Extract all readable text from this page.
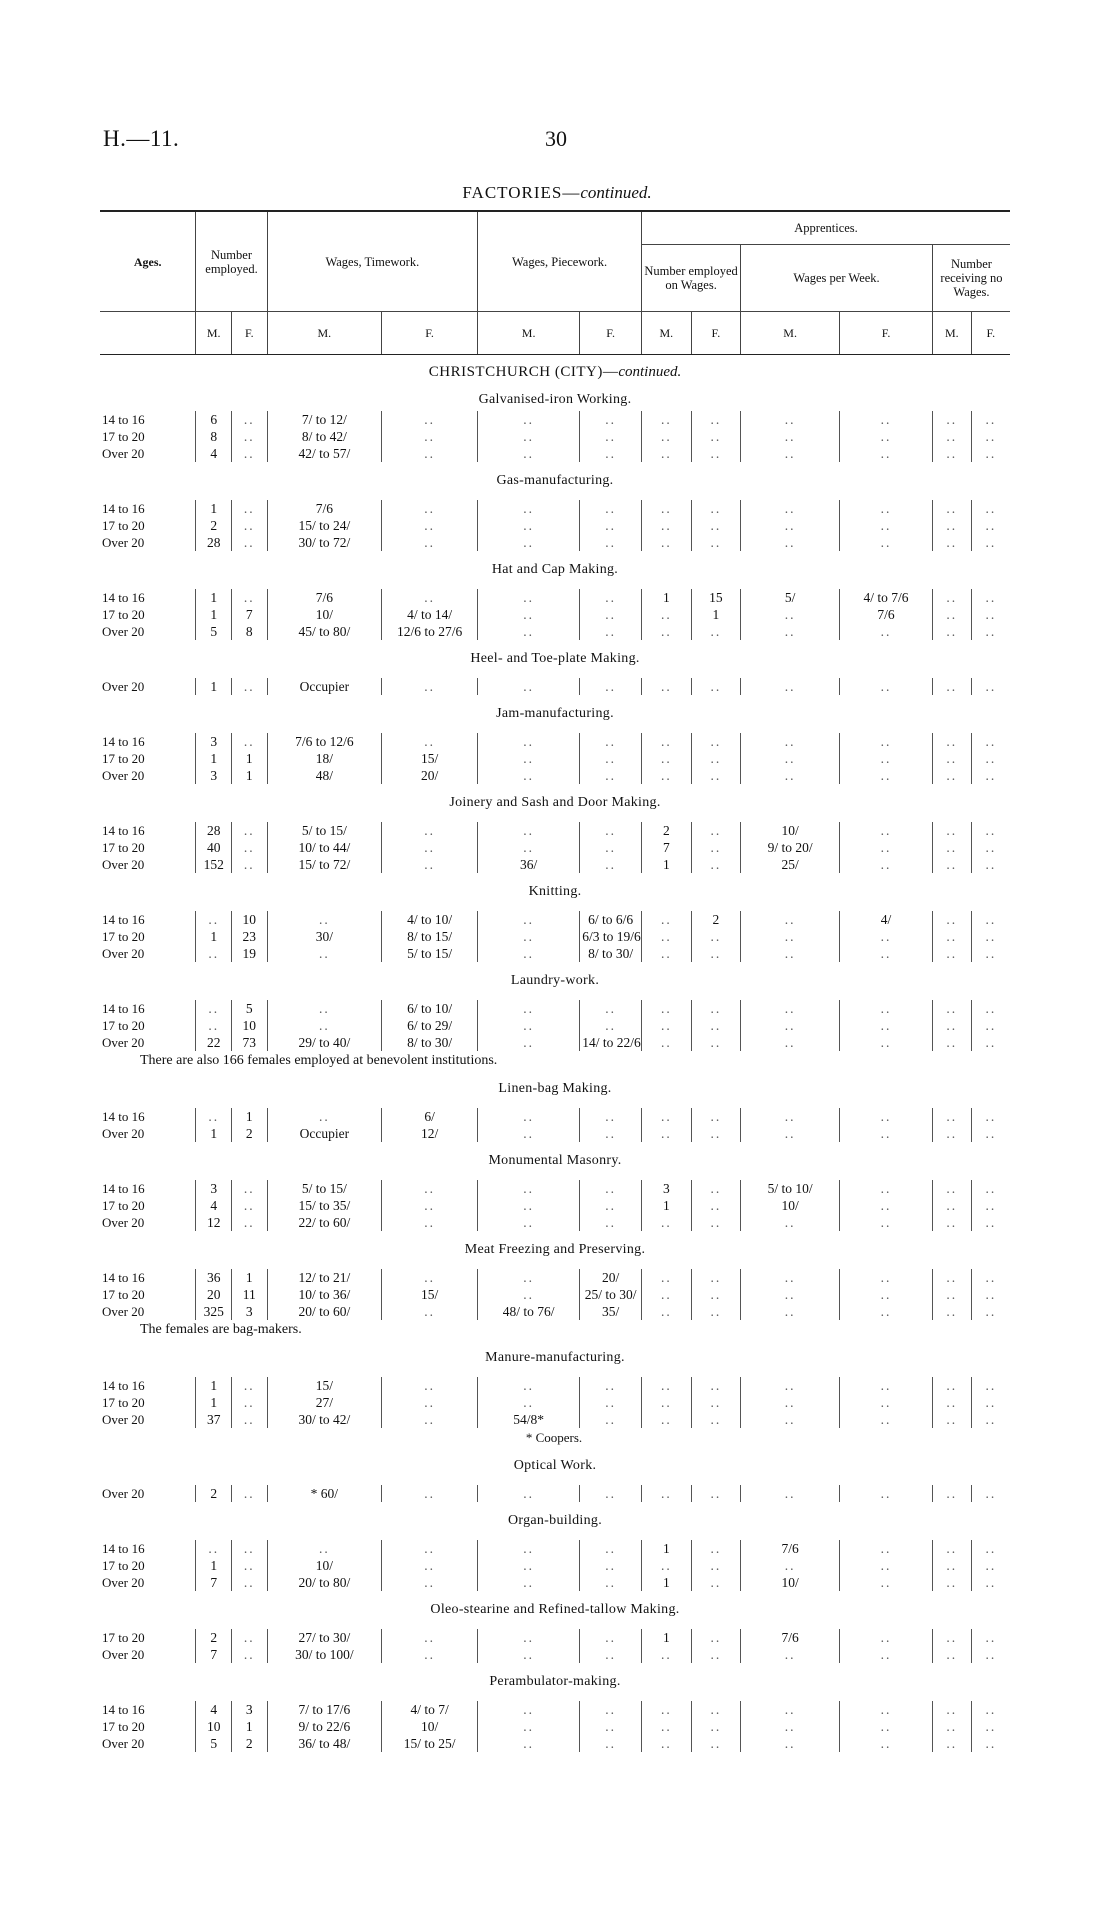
H.—11.	30
FACTORIES—continued.
Ages.	Number employed.		Wages, Timework.		Wages, Piecework.		Apprentices.					
							Number employed on Wages.		Wages per Week.		Number receiving no Wages.	
	M.	F.	M.	F.	M.	F.	M.	F.	M.	F.	M.	F.
CHRISTCHURCH (CITY)—continued.												
Galvanised-iron Working.												
14 to 16	6	..	7/ to 12/	..	..	..	..	..	..	..	..	..
17 to 20	8	..	8/ to 42/	..	..	..	..	..	..	..	..	..
Over 20	4	..	42/ to 57/	..	..	..	..	..	..	..	..	..
Gas-manufacturing.												
14 to 16	1	..	7/6	..	..	..	..	..	..	..	..	..
17 to 20	2	..	15/ to 24/	..	..	..	..	..	..	..	..	..
Over 20	28	..	30/ to 72/	..	..	..	..	..	..	..	..	..
Hat and Cap Making.												
14 to 16	1	..	7/6	..	..	..	1	15	5/	4/ to 7/6	..	..
17 to 20	1	7	10/	4/ to 14/	..	..	..	1	..	7/6	..	..
Over 20	5	8	45/ to 80/	12/6 to 27/6	..	..	..	..	..	..	..	..
Heel- and Toe-plate Making.												
Over 20	1	..	Occupier	..	..	..	..	..	..	..	..	..
Jam-manufacturing.												
14 to 16	3	..	7/6 to 12/6	..	..	..	..	..	..	..	..	..
17 to 20	1	1	18/	15/	..	..	..	..	..	..	..	..
Over 20	3	1	48/	20/	..	..	..	..	..	..	..	..
Joinery and Sash and Door Making.												
14 to 16	28	..	5/ to 15/	..	..	..	2	..	10/	..	..	..
17 to 20	40	..	10/ to 44/	..	..	..	7	..	9/ to 20/	..	..	..
Over 20	152	..	15/ to 72/	..	36/	..	1	..	25/	..	..	..
Knitting.												
14 to 16	..	10	..	4/ to 10/	..	6/ to 6/6	..	2	..	4/	..	..
17 to 20	1	23	30/	8/ to 15/	..	6/3 to 19/6	..	..	..	..	..	..
Over 20	..	19	..	5/ to 15/	..	8/ to 30/	..	..	..	..	..	..
Laundry-work.												
14 to 16	..	5	..	6/ to 10/	..	..	..	..	..	..	..	..
17 to 20	..	10	..	6/ to 29/	..	..	..	..	..	..	..	..
Over 20	22	73	29/ to 40/	8/ to 30/	..	14/ to 22/6	..	..	..	..	..	..
There are also 166 females employed at benevolent institutions.												
Linen-bag Making.												
14 to 16	..	1	..	6/	..	..	..	..	..	..	..	..
Over 20	1	2	Occupier	12/	..	..	..	..	..	..	..	..
Monumental Masonry.												
14 to 16	3	..	5/ to 15/	..	..	..	3	..	5/ to 10/	..	..	..
17 to 20	4	..	15/ to 35/	..	..	..	1	..	10/	..	..	..
Over 20	12	..	22/ to 60/	..	..	..	..	..	..	..	..	..
Meat Freezing and Preserving.												
14 to 16	36	1	12/ to 21/	..	..	20/	..	..	..	..	..	..
17 to 20	20	11	10/ to 36/	15/	..	25/ to 30/	..	..	..	..	..	..
Over 20	325	3	20/ to 60/	..	48/ to 76/	35/	..	..	..	..	..	..
The females are bag-makers.												
Manure-manufacturing.												
14 to 16	1	..	15/	..	..	..	..	..	..	..	..	..
17 to 20	1	..	27/	..	..	..	..	..	..	..	..	..
Over 20	37	..	30/ to 42/	..	54/8*	..	..	..	..	..	..	..
* Coopers.												
Optical Work.												
Over 20	2	..	* 60/	..	..	..	..	..	..	..	..	..
Organ-building.												
14 to 16	..	..	..	..	..	..	1	..	7/6	..	..	..
17 to 20	1	..	10/	..	..	..	..	..	..	..	..	..
Over 20	7	..	20/ to 80/	..	..	..	1	..	10/	..	..	..
Oleo-stearine and Refined-tallow Making.												
17 to 20	2	..	27/ to 30/	..	..	..	1	..	7/6	..	..	..
Over 20	7	..	30/ to 100/	..	..	..	..	..	..	..	..	..
Perambulator-making.												
14 to 16	4	3	7/ to 17/6	4/ to 7/	..	..	..	..	..	..	..	..
17 to 20	10	1	9/ to 22/6	10/	..	..	..	..	..	..	..	..
Over 20	5	2	36/ to 48/	15/ to 25/	..	..	..	..	..	..	..	..
